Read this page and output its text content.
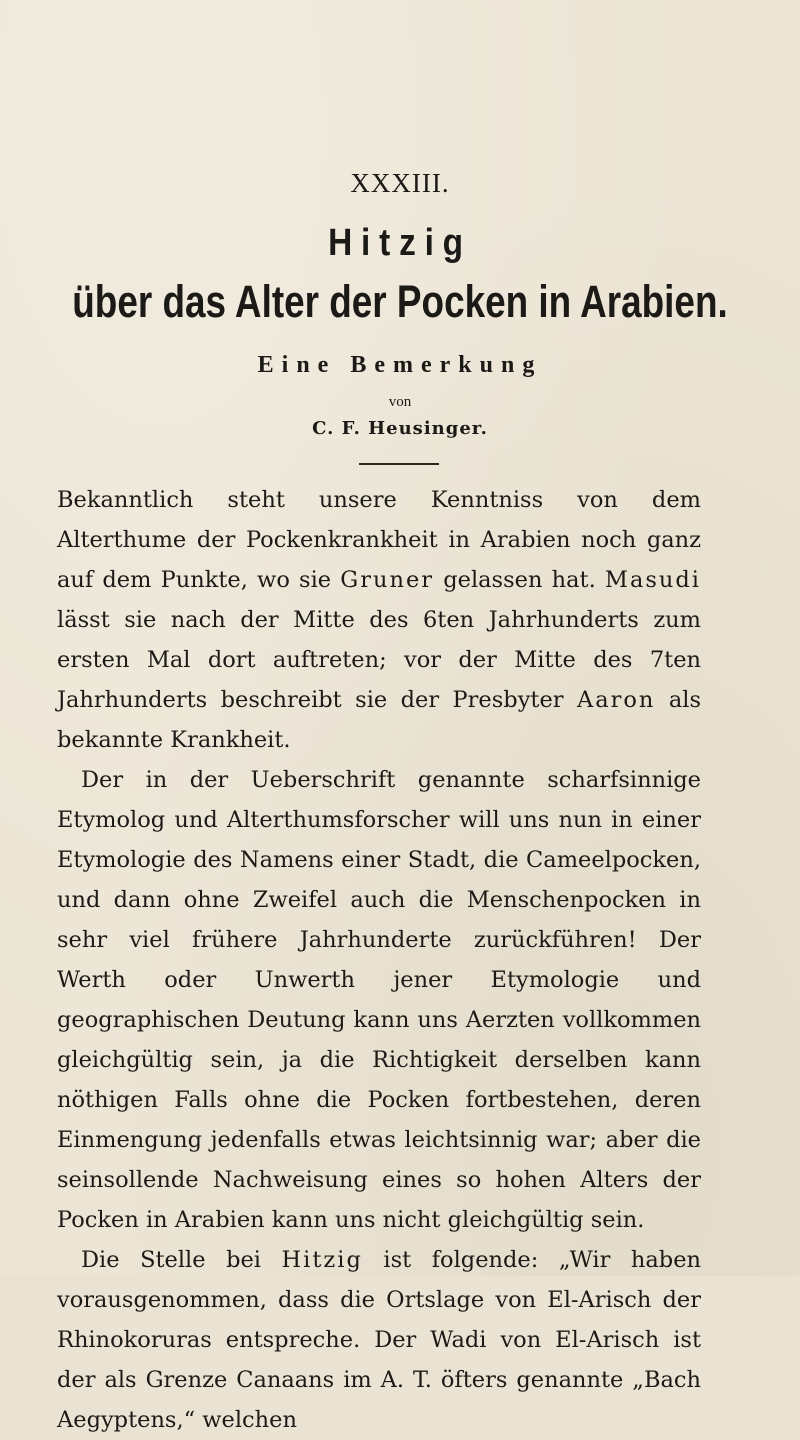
XXXIII.
Hitzig
über das Alter der Pocken in Arabien.
Eine Bemerkung
von
C. F. Heusinger.

Bekanntlich steht unsere Kenntniss von dem Alterthume der Pockenkrankheit in Arabien noch ganz auf dem Punkte, wo sie Gruner gelassen hat. Masudi lässt sie nach der Mitte des 6ten Jahrhunderts zum ersten Mal dort auftreten; vor der Mitte des 7ten Jahrhunderts beschreibt sie der Presbyter Aaron als bekannte Krankheit.

Der in der Ueberschrift genannte scharfsinnige Etymolog und Alterthumsforscher will uns nun in einer Etymologie des Namens einer Stadt, die Cameelpocken, und dann ohne Zweifel auch die Menschenpocken in sehr viel frühere Jahrhunderte zurückführen! Der Werth oder Unwerth jener Etymologie und geographischen Deutung kann uns Aerzten vollkommen gleichgültig sein, ja die Richtigkeit derselben kann nöthigen Falls ohne die Pocken fortbestehen, deren Einmengung jedenfalls etwas leichtsinnig war; aber die seinsollende Nachweisung eines so hohen Alters der Pocken in Arabien kann uns nicht gleichgültig sein.

Die Stelle bei Hitzig ist folgende: „Wir haben vorausgenommen, dass die Ortslage von El-Arisch der Rhinokoruras entspreche. Der Wadi von El-Arisch ist der als Grenze Canaans im A. T. öfters genannte „Bach Aegyptens,“ welchen
